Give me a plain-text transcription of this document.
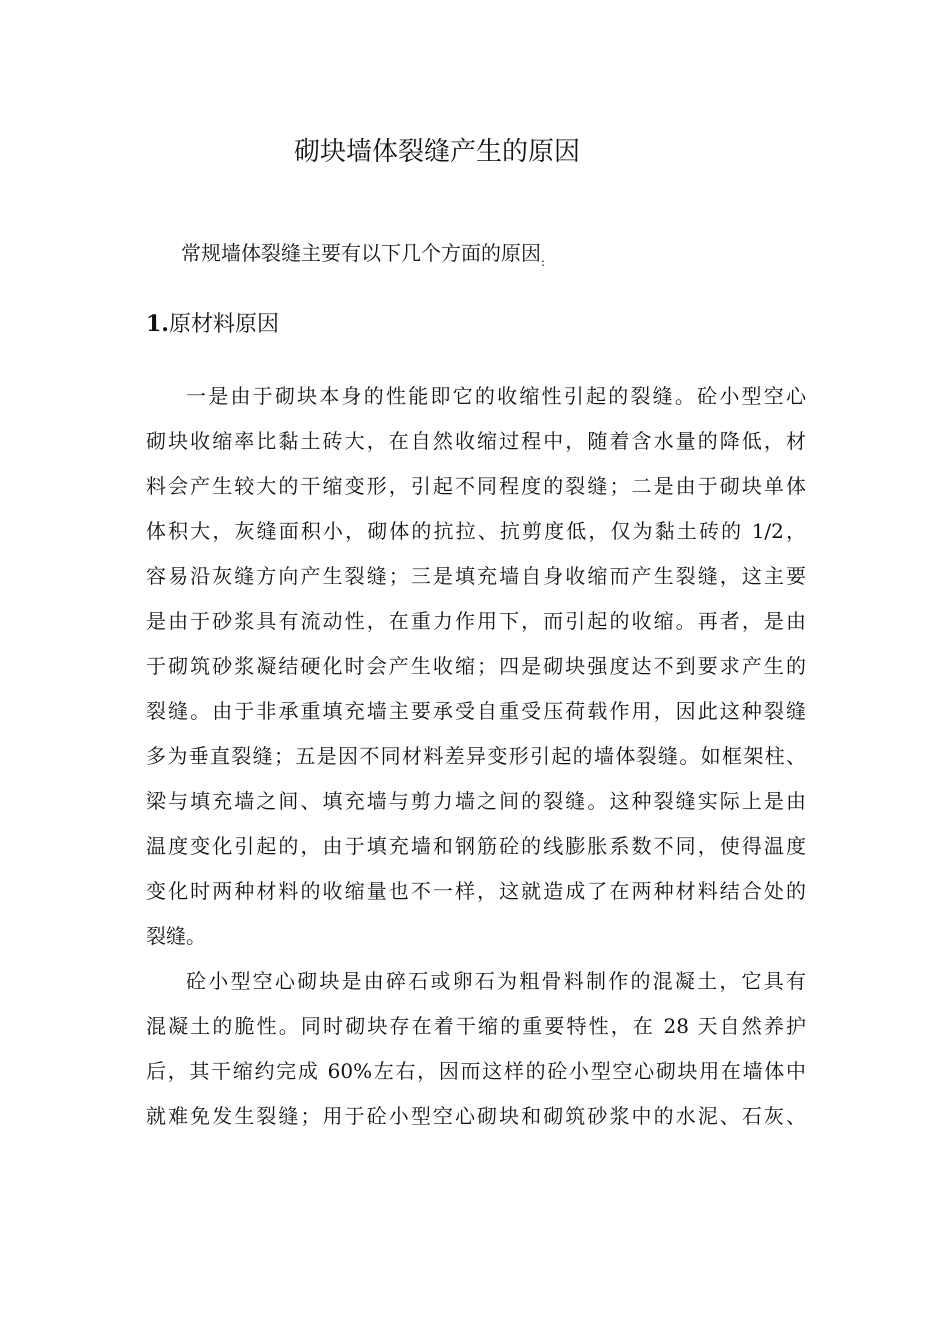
砌块墙体裂缝产生的原因
常规墙体裂缝主要有以下几个方面的原因$_:$
1.原材料原因
一是由于砌块本身的性能即它的收缩性引起的裂缝。砼小型空心
砌块收缩率比黏土砖大，在自然收缩过程中，随着含水量的降低，材
料会产生较大的干缩变形，引起不同程度的裂缝；二是由于砌块单体
体积大，灰缝面积小，砌体的抗拉、抗剪度低，仅为黏土砖的 1/2，
容易沿灰缝方向产生裂缝；三是填充墙自身收缩而产生裂缝，这主要
是由于砂浆具有流动性，在重力作用下，而引起的收缩。再者，是由
于砌筑砂浆凝结硬化时会产生收缩；四是砌块强度达不到要求产生的
裂缝。由于非承重填充墙主要承受自重受压荷载作用，因此这种裂缝
多为垂直裂缝；五是因不同材料差异变形引起的墙体裂缝。如框架柱、
梁与填充墙之间、填充墙与剪力墙之间的裂缝。这种裂缝实际上是由
温度变化引起的，由于填充墙和钢筋砼的线膨胀系数不同，使得温度
变化时两种材料的收缩量也不一样，这就造成了在两种材料结合处的
裂缝。
砼小型空心砌块是由碎石或卵石为粗骨料制作的混凝土，它具有
混凝土的脆性。同时砌块存在着干缩的重要特性，在 28 天自然养护
后，其干缩约完成 60%左右，因而这样的砼小型空心砌块用在墙体中
就难免发生裂缝；用于砼小型空心砌块和砌筑砂浆中的水泥、石灰、
